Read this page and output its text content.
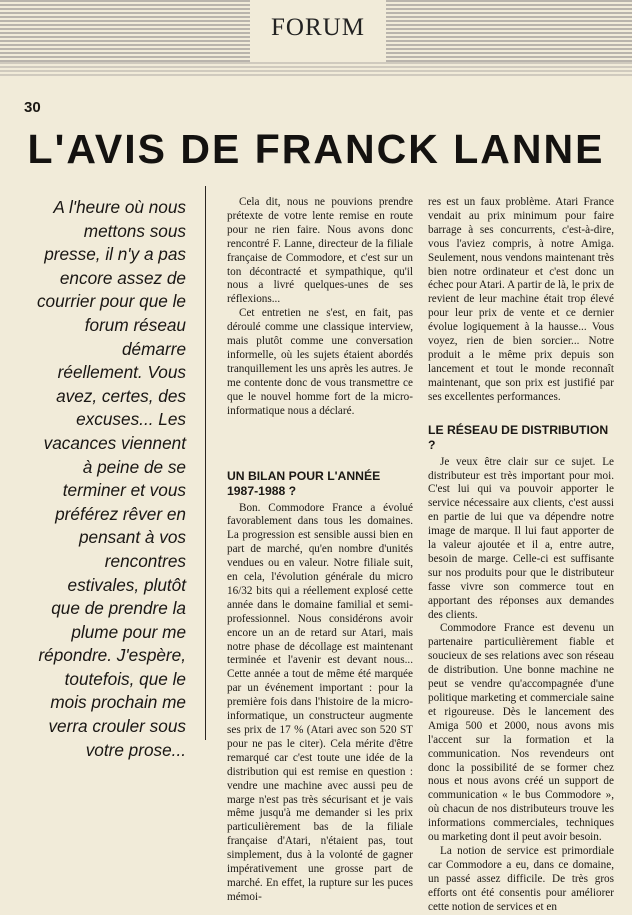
FORUM
30
L'AVIS DE FRANCK LANNE
A l'heure où nous mettons sous presse, il n'y a pas encore assez de courrier pour que le forum réseau démarre réellement. Vous avez, certes, des excuses... Les vacances viennent à peine de se terminer et vous préférez rêver en pensant à vos rencontres estivales, plutôt que de prendre la plume pour me répondre. J'espère, toutefois, que le mois prochain me verra crouler sous votre prose...

Cela dit, nous ne pouvions prendre prétexte de votre lente remise en route pour ne rien faire. Nous avons donc rencontré F. Lanne, directeur de la filiale française de Commodore, et c'est sur un ton décontracté et sympathique, qu'il nous a livré quelques-unes de ses réflexions...

Cet entretien ne s'est, en fait, pas déroulé comme une classique interview, mais plutôt comme une conversation informelle, où les sujets étaient abordés tranquillement les uns après les autres. Je me contente donc de vous transmettre ce que le nouvel homme fort de la micro-informatique nous a déclaré.

UN BILAN POUR L'ANNÉE 1987-1988 ?

Bon. Commodore France a évolué favorablement dans tous les domaines. La progression est sensible aussi bien en part de marché, qu'en nombre d'unités vendues ou en valeur. Notre filiale suit, en cela, l'évolution générale du micro 16/32 bits qui a réellement explosé cette année dans le domaine familial et semi-professionnel. Nous considérons avoir encore un an de retard sur Atari, mais notre phase de décollage est maintenant terminée et l'avenir est devant nous... Cette année a tout de même été marquée par un événement important : pour la première fois dans l'histoire de la micro-informatique, un constructeur augmente ses prix de 17 % (Atari avec son 520 ST pour ne pas le citer). Cela mérite d'être remarqué car c'est toute une idée de la distribution qui est remise en question : vendre une machine avec aussi peu de marge n'est pas très sécurisant et je vais même jusqu'à me demander si les prix particulièrement bas de la filiale française d'Atari, n'étaient pas, tout simplement, dus à la volonté de gagner impérativement une grosse part de marché. En effet, la rupture sur les puces mémoi-

res est un faux problème. Atari France vendait au prix minimum pour faire barrage à ses concurrents, c'est-à-dire, vous l'aviez compris, à notre Amiga. Seulement, nous vendons maintenant très bien notre ordinateur et c'est donc un échec pour Atari. A partir de là, le prix de revient de leur machine était trop élevé pour leur prix de vente et ce dernier évolue logiquement à la hausse... Vous voyez, rien de bien sorcier... Notre produit a le même prix depuis son lancement et tout le monde reconnaît maintenant, que son prix est justifié par ses excellentes performances.

LE RÉSEAU DE DISTRIBUTION ?

Je veux être clair sur ce sujet. Le distributeur est très important pour moi. C'est lui qui va pouvoir apporter le service nécessaire aux clients, c'est aussi en partie de lui que va dépendre notre image de marque. Il lui faut apporter de la valeur ajoutée et il a, entre autre, besoin de marge. Celle-ci est suffisante sur nos produits pour que le distributeur fasse vivre son commerce tout en apportant des réponses aux demandes des clients.

Commodore France est devenu un partenaire particulièrement fiable et soucieux de ses relations avec son réseau de distribution. Une bonne machine ne peut se vendre qu'accompagnée d'une politique marketing et commerciale saine et rigoureuse. Dès le lancement des Amiga 500 et 2000, nous avons mis l'accent sur la formation et la communication. Nos revendeurs ont donc la possibilité de se former chez nous et nous avons créé un support de communication « le bus Commodore », où chacun de nos distributeurs trouve les informations commerciales, techniques ou marketing dont il peut avoir besoin.

La notion de service est primordiale car Commodore a eu, dans ce domaine, un passé assez difficile. De très gros efforts ont été consentis pour améliorer cette notion de services et en
